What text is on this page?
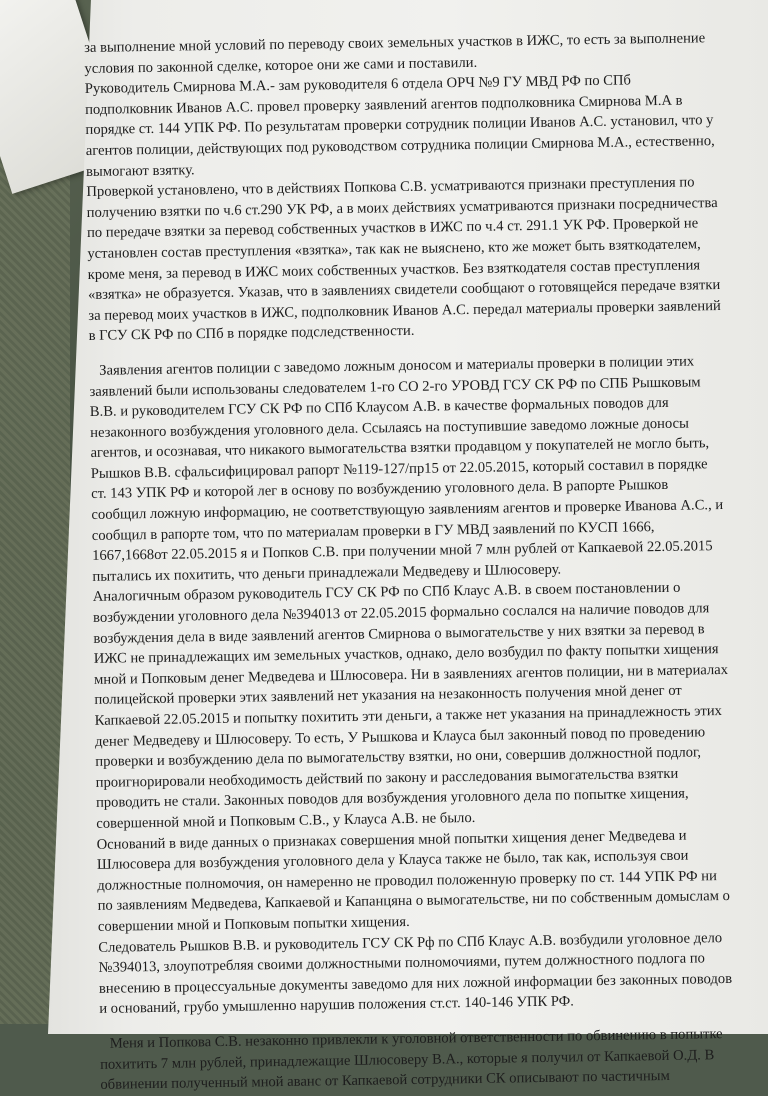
за выполнение мной условий по переводу своих земельных участков в ИЖС, то есть за выполнение
условия по законной сделке, которое они же сами и поставили.
Руководитель Смирнова М.А.- зам руководителя 6 отдела ОРЧ №9 ГУ МВД РФ по СПб
подполковник Иванов А.С. провел проверку заявлений агентов подполковника Смирнова М.А в
порядке ст. 144 УПК РФ. По результатам проверки сотрудник полиции Иванов А.С. установил, что у
агентов полиции, действующих под руководством сотрудника полиции Смирнова М.А., естественно,
вымогают взятку.
Проверкой установлено, что в действиях Попкова С.В. усматриваются признаки преступления по
получению взятки по ч.6 ст.290 УК РФ, а в моих действиях усматриваются признаки посредничества
по передаче взятки за перевод собственных участков в ИЖС по ч.4 ст. 291.1 УК РФ. Проверкой не
установлен состав преступления «взятка», так как не выяснено, кто же может быть взяткодателем,
кроме меня, за перевод в ИЖС моих собственных участков. Без взяткодателя состав преступления
«взятка» не образуется. Указав, что в заявлениях свидетели сообщают о готовящейся передаче взятки
за перевод моих участков в ИЖС, подполковник Иванов А.С. передал материалы проверки заявлений
в ГСУ СК РФ по СПб в порядке подследственности.
Заявления агентов полиции с заведомо ложным доносом и материалы проверки в полиции этих
заявлений были использованы следователем 1-го СО 2-го УРОВД ГСУ СК РФ по СПБ Рышковым
В.В. и руководителем ГСУ СК РФ по СПб Клаусом А.В. в качестве формальных поводов для
незаконного возбуждения уголовного дела. Ссылаясь на поступившие заведомо ложные доносы
агентов, и осознавая, что никакого вымогательства взятки продавцом у покупателей не могло быть,
Рышков В.В. сфальсифицировал рапорт №119-127/пр15 от 22.05.2015, который составил в порядке
ст. 143 УПК РФ и которой лег в основу по возбуждению уголовного дела. В рапорте Рышков
сообщил ложную информацию, не соответствующую заявлениям агентов и проверке Иванова А.С., и
сообщил в рапорте том, что по материалам проверки в ГУ МВД заявлений по КУСП 1666,
1667,1668от 22.05.2015 я и Попков С.В. при получении мной 7 млн рублей от Капкаевой 22.05.2015
пытались их похитить, что деньги принадлежали Медведеву и Шлюсоверу.
Аналогичным образом руководитель ГСУ СК РФ по СПб Клаус А.В. в своем постановлении о
возбуждении уголовного дела №394013 от 22.05.2015 формально сослался на наличие поводов для
возбуждения дела в виде заявлений агентов Смирнова о вымогательстве у них взятки за перевод в
ИЖС не принадлежащих им земельных участков, однако, дело возбудил по факту попытки хищения
мной и Попковым денег Медведева и Шлюсовера. Ни в заявлениях агентов полиции, ни в материалах
полицейской проверки этих заявлений нет указания на незаконность получения мной денег от
Капкаевой 22.05.2015 и попытку похитить эти деньги, а также нет указания на принадлежность этих
денег Медведеву и Шлюсоверу. То есть, У Рышкова и Клауса был законный повод по проведению
проверки и возбуждению дела по вымогательству взятки, но они, совершив должностной подлог,
проигнорировали необходимость действий по закону и расследования вымогательства взятки
проводить не стали. Законных поводов для возбуждения уголовного дела по попытке хищения,
совершенной мной и Попковым С.В., у Клауса А.В. не было.
Оснований в виде данных о признаках совершения мной попытки хищения денег Медведева и
Шлюсовера для возбуждения уголовного дела у Клауса также не было, так как, используя свои
должностные полномочия, он намеренно не проводил положенную проверку по ст. 144 УПК РФ ни
по заявлениям Медведева, Капкаевой и Капанцяна о вымогательстве, ни по собственным домыслам о
совершении мной и Попковым попытки хищения.
Следователь Рышков В.В. и руководитель ГСУ СК Рф по СПб Клаус А.В. возбудили уголовное дело
№394013, злоупотребляя своими должностными полномочиями, путем должностного подлога по
внесению в процессуальные документы заведомо для них ложной информации без законных поводов
и оснований, грубо умышленно нарушив положения ст.ст. 140-146 УПК РФ.
Меня и Попкова С.В. незаконно привлекли к уголовной ответственности по обвинению в попытке
похитить 7 млн рублей, принадлежащие Шлюсоверу В.А., которые я получил от Капкаевой О.Д. В
обвинении полученный мной аванс от Капкаевой сотрудники СК описывают по частичным
